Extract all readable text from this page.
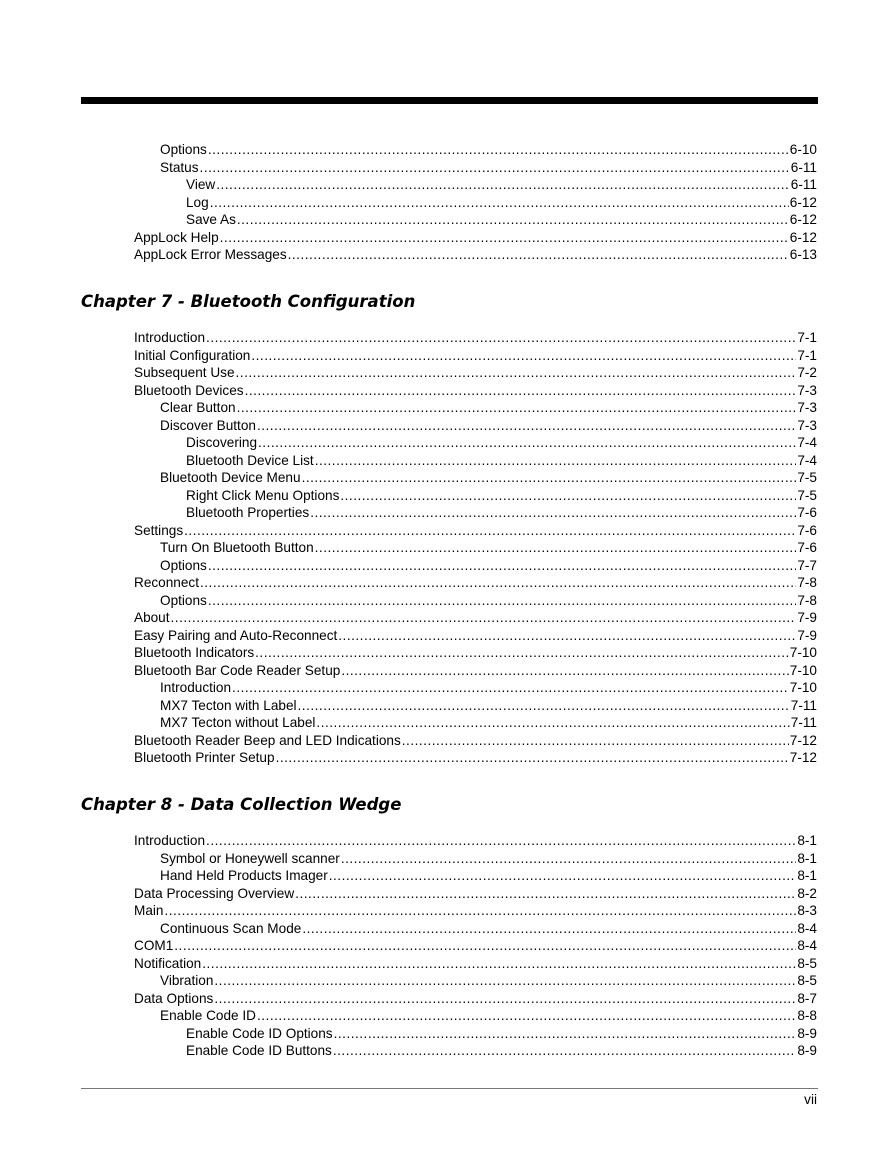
Options .....	6-10
Status .....	6-11
View .....	6-11
Log .....	6-12
Save As .....	6-12
AppLock Help .....	6-12
AppLock Error Messages .....	6-13
Chapter 7 - Bluetooth Configuration
Introduction .....	7-1
Initial Configuration .....	7-1
Subsequent Use .....	7-2
Bluetooth Devices .....	7-3
Clear Button .....	7-3
Discover Button .....	7-3
Discovering .....	7-4
Bluetooth Device List .....	7-4
Bluetooth Device Menu .....	7-5
Right Click Menu Options .....	7-5
Bluetooth Properties .....	7-6
Settings .....	7-6
Turn On Bluetooth Button .....	7-6
Options .....	7-7
Reconnect .....	7-8
Options .....	7-8
About .....	7-9
Easy Pairing and Auto-Reconnect .....	7-9
Bluetooth Indicators .....	7-10
Bluetooth Bar Code Reader Setup .....	7-10
Introduction .....	7-10
MX7 Tecton with Label .....	7-11
MX7 Tecton without Label .....	7-11
Bluetooth Reader Beep and LED Indications .....	7-12
Bluetooth Printer Setup .....	7-12
Chapter 8 - Data Collection Wedge
Introduction .....	8-1
Symbol or Honeywell scanner .....	8-1
Hand Held Products Imager .....	8-1
Data Processing Overview .....	8-2
Main .....	8-3
Continuous Scan Mode .....	8-4
COM1 .....	8-4
Notification .....	8-5
Vibration .....	8-5
Data Options .....	8-7
Enable Code ID .....	8-8
Enable Code ID Options .....	8-9
Enable Code ID Buttons .....	8-9
vii
